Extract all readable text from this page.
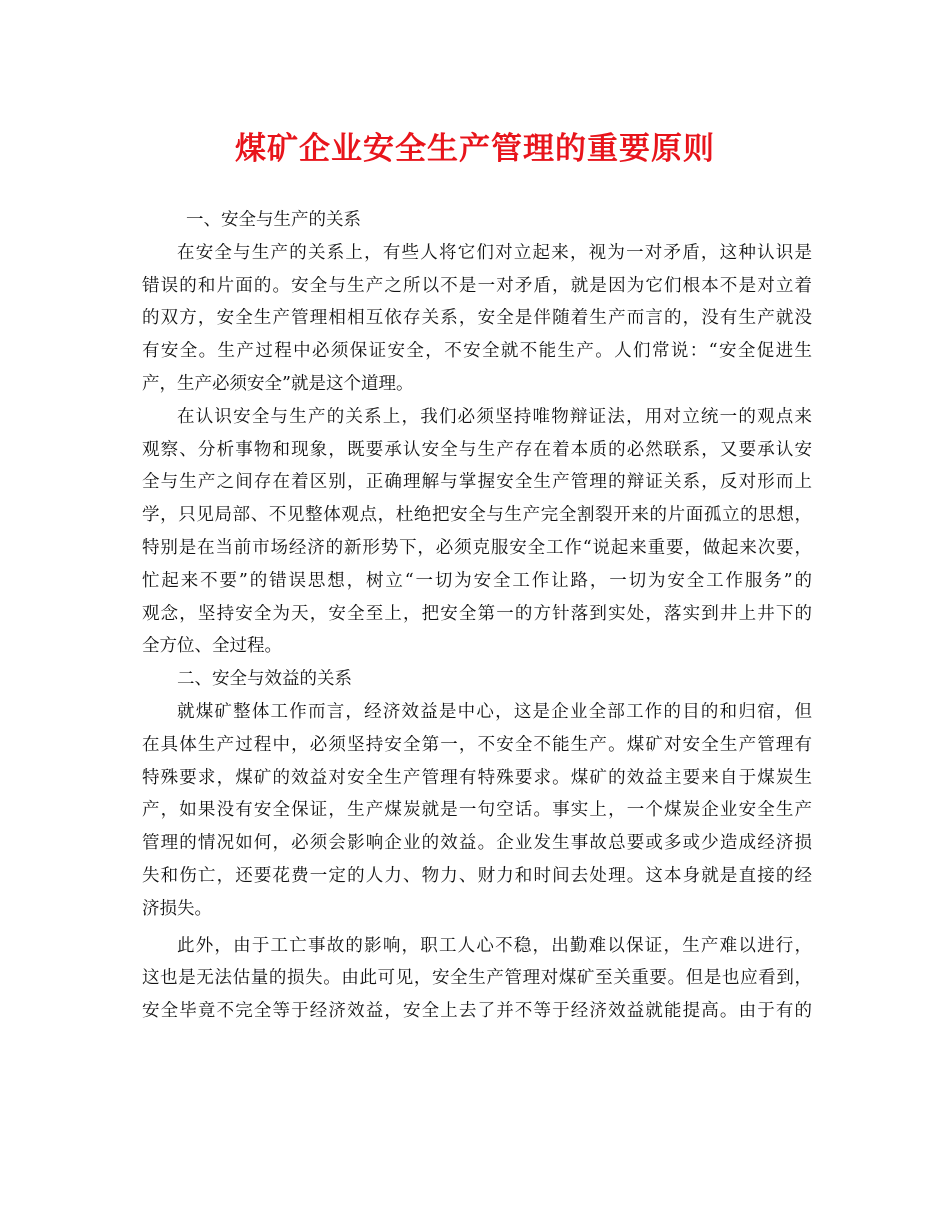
煤矿企业安全生产管理的重要原则
一、安全与生产的关系
在安全与生产的关系上，有些人将它们对立起来，视为一对矛盾，这种认识是
错误的和片面的。安全与生产之所以不是一对矛盾，就是因为它们根本不是对立着
的双方，安全生产管理相相互依存关系，安全是伴随着生产而言的，没有生产就没
有安全。生产过程中必须保证安全，不安全就不能生产。人们常说：“安全促进生
产，生产必须安全”就是这个道理。
在认识安全与生产的关系上，我们必须坚持唯物辩证法，用对立统一的观点来
观察、分析事物和现象，既要承认安全与生产存在着本质的必然联系，又要承认安
全与生产之间存在着区别，正确理解与掌握安全生产管理的辩证关系，反对形而上
学，只见局部、不见整体观点，杜绝把安全与生产完全割裂开来的片面孤立的思想，
特别是在当前市场经济的新形势下，必须克服安全工作“说起来重要，做起来次要，
忙起来不要”的错误思想，树立“一切为安全工作让路，一切为安全工作服务”的
观念，坚持安全为天，安全至上，把安全第一的方针落到实处，落实到井上井下的
全方位、全过程。
二、安全与效益的关系
就煤矿整体工作而言，经济效益是中心，这是企业全部工作的目的和归宿，但
在具体生产过程中，必须坚持安全第一，不安全不能生产。煤矿对安全生产管理有
特殊要求，煤矿的效益对安全生产管理有特殊要求。煤矿的效益主要来自于煤炭生
产，如果没有安全保证，生产煤炭就是一句空话。事实上，一个煤炭企业安全生产
管理的情况如何，必须会影响企业的效益。企业发生事故总要或多或少造成经济损
失和伤亡，还要花费一定的人力、物力、财力和时间去处理。这本身就是直接的经
济损失。
此外，由于工亡事故的影响，职工人心不稳，出勤难以保证，生产难以进行，
这也是无法估量的损失。由此可见，安全生产管理对煤矿至关重要。但是也应看到，
安全毕竟不完全等于经济效益，安全上去了并不等于经济效益就能提高。由于有的
